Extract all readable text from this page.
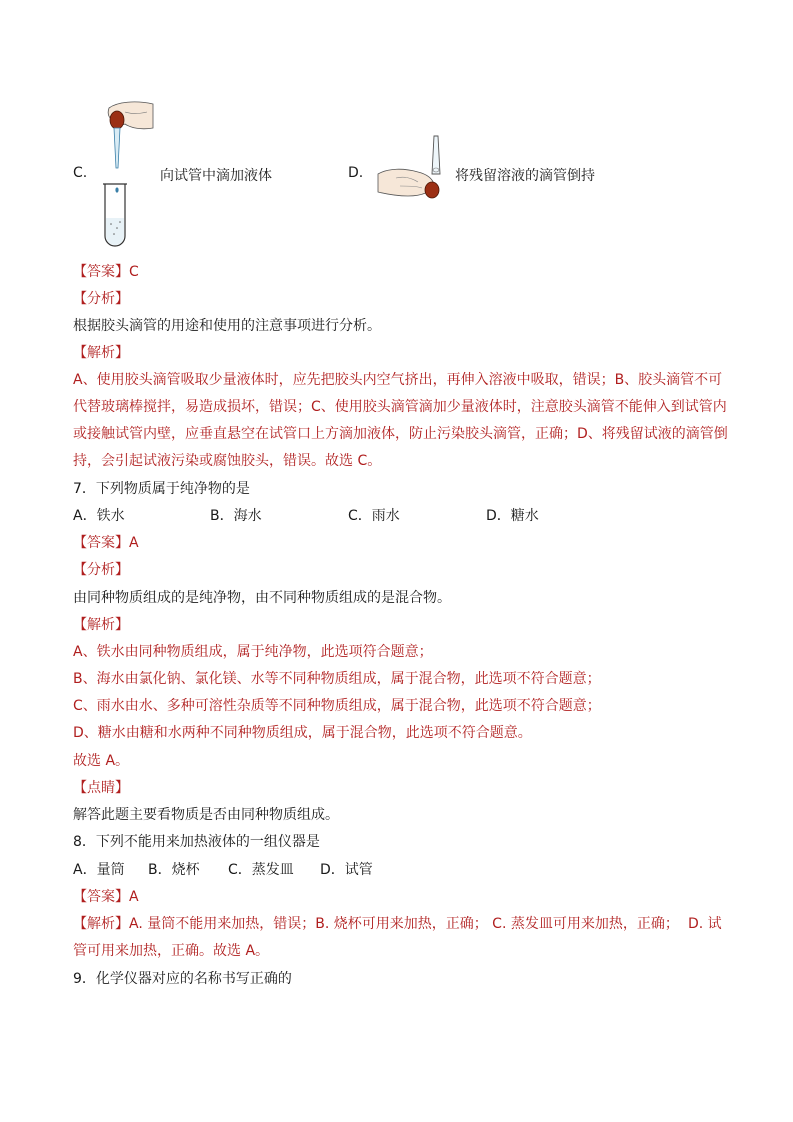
C.	向试管中滴加液体	D.	将残留溶液的滴管倒持
【答案】C
【分析】
根据胶头滴管的用途和使用的注意事项进行分析。
【解析】
A、使用胶头滴管吸取少量液体时，应先把胶头内空气挤出，再伸入溶液中吸取，错误；B、胶头滴管不可
代替玻璃棒搅拌，易造成损坏，错误；C、使用胶头滴管滴加少量液体时，注意胶头滴管不能伸入到试管内
或接触试管内壁，应垂直悬空在试管口上方滴加液体，防止污染胶头滴管，正确；D、将残留试液的滴管倒
持，会引起试液污染或腐蚀胶头，错误。故选 C。
7．下列物质属于纯净物的是
A．铁水	B．海水	C．雨水	D．糖水
【答案】A
【分析】
由同种物质组成的是纯净物，由不同种物质组成的是混合物。
【解析】
A、铁水由同种物质组成，属于纯净物，此选项符合题意；
B、海水由氯化钠、氯化镁、水等不同种物质组成，属于混合物，此选项不符合题意；
C、雨水由水、多种可溶性杂质等不同种物质组成，属于混合物，此选项不符合题意；
D、糖水由糖和水两种不同种物质组成，属于混合物，此选项不符合题意。
故选 A。
【点睛】
解答此题主要看物质是否由同种物质组成。
8．下列不能用来加热液体的一组仪器是
A．量筒 B．烧杯 C．蒸发皿 D．试管
【答案】A
【解析】A. 量筒不能用来加热，错误；B. 烧杯可用来加热，正确； C. 蒸发皿可用来加热，正确； D. 试
管可用来加热，正确。故选 A。
9．化学仪器对应的名称书写正确的
